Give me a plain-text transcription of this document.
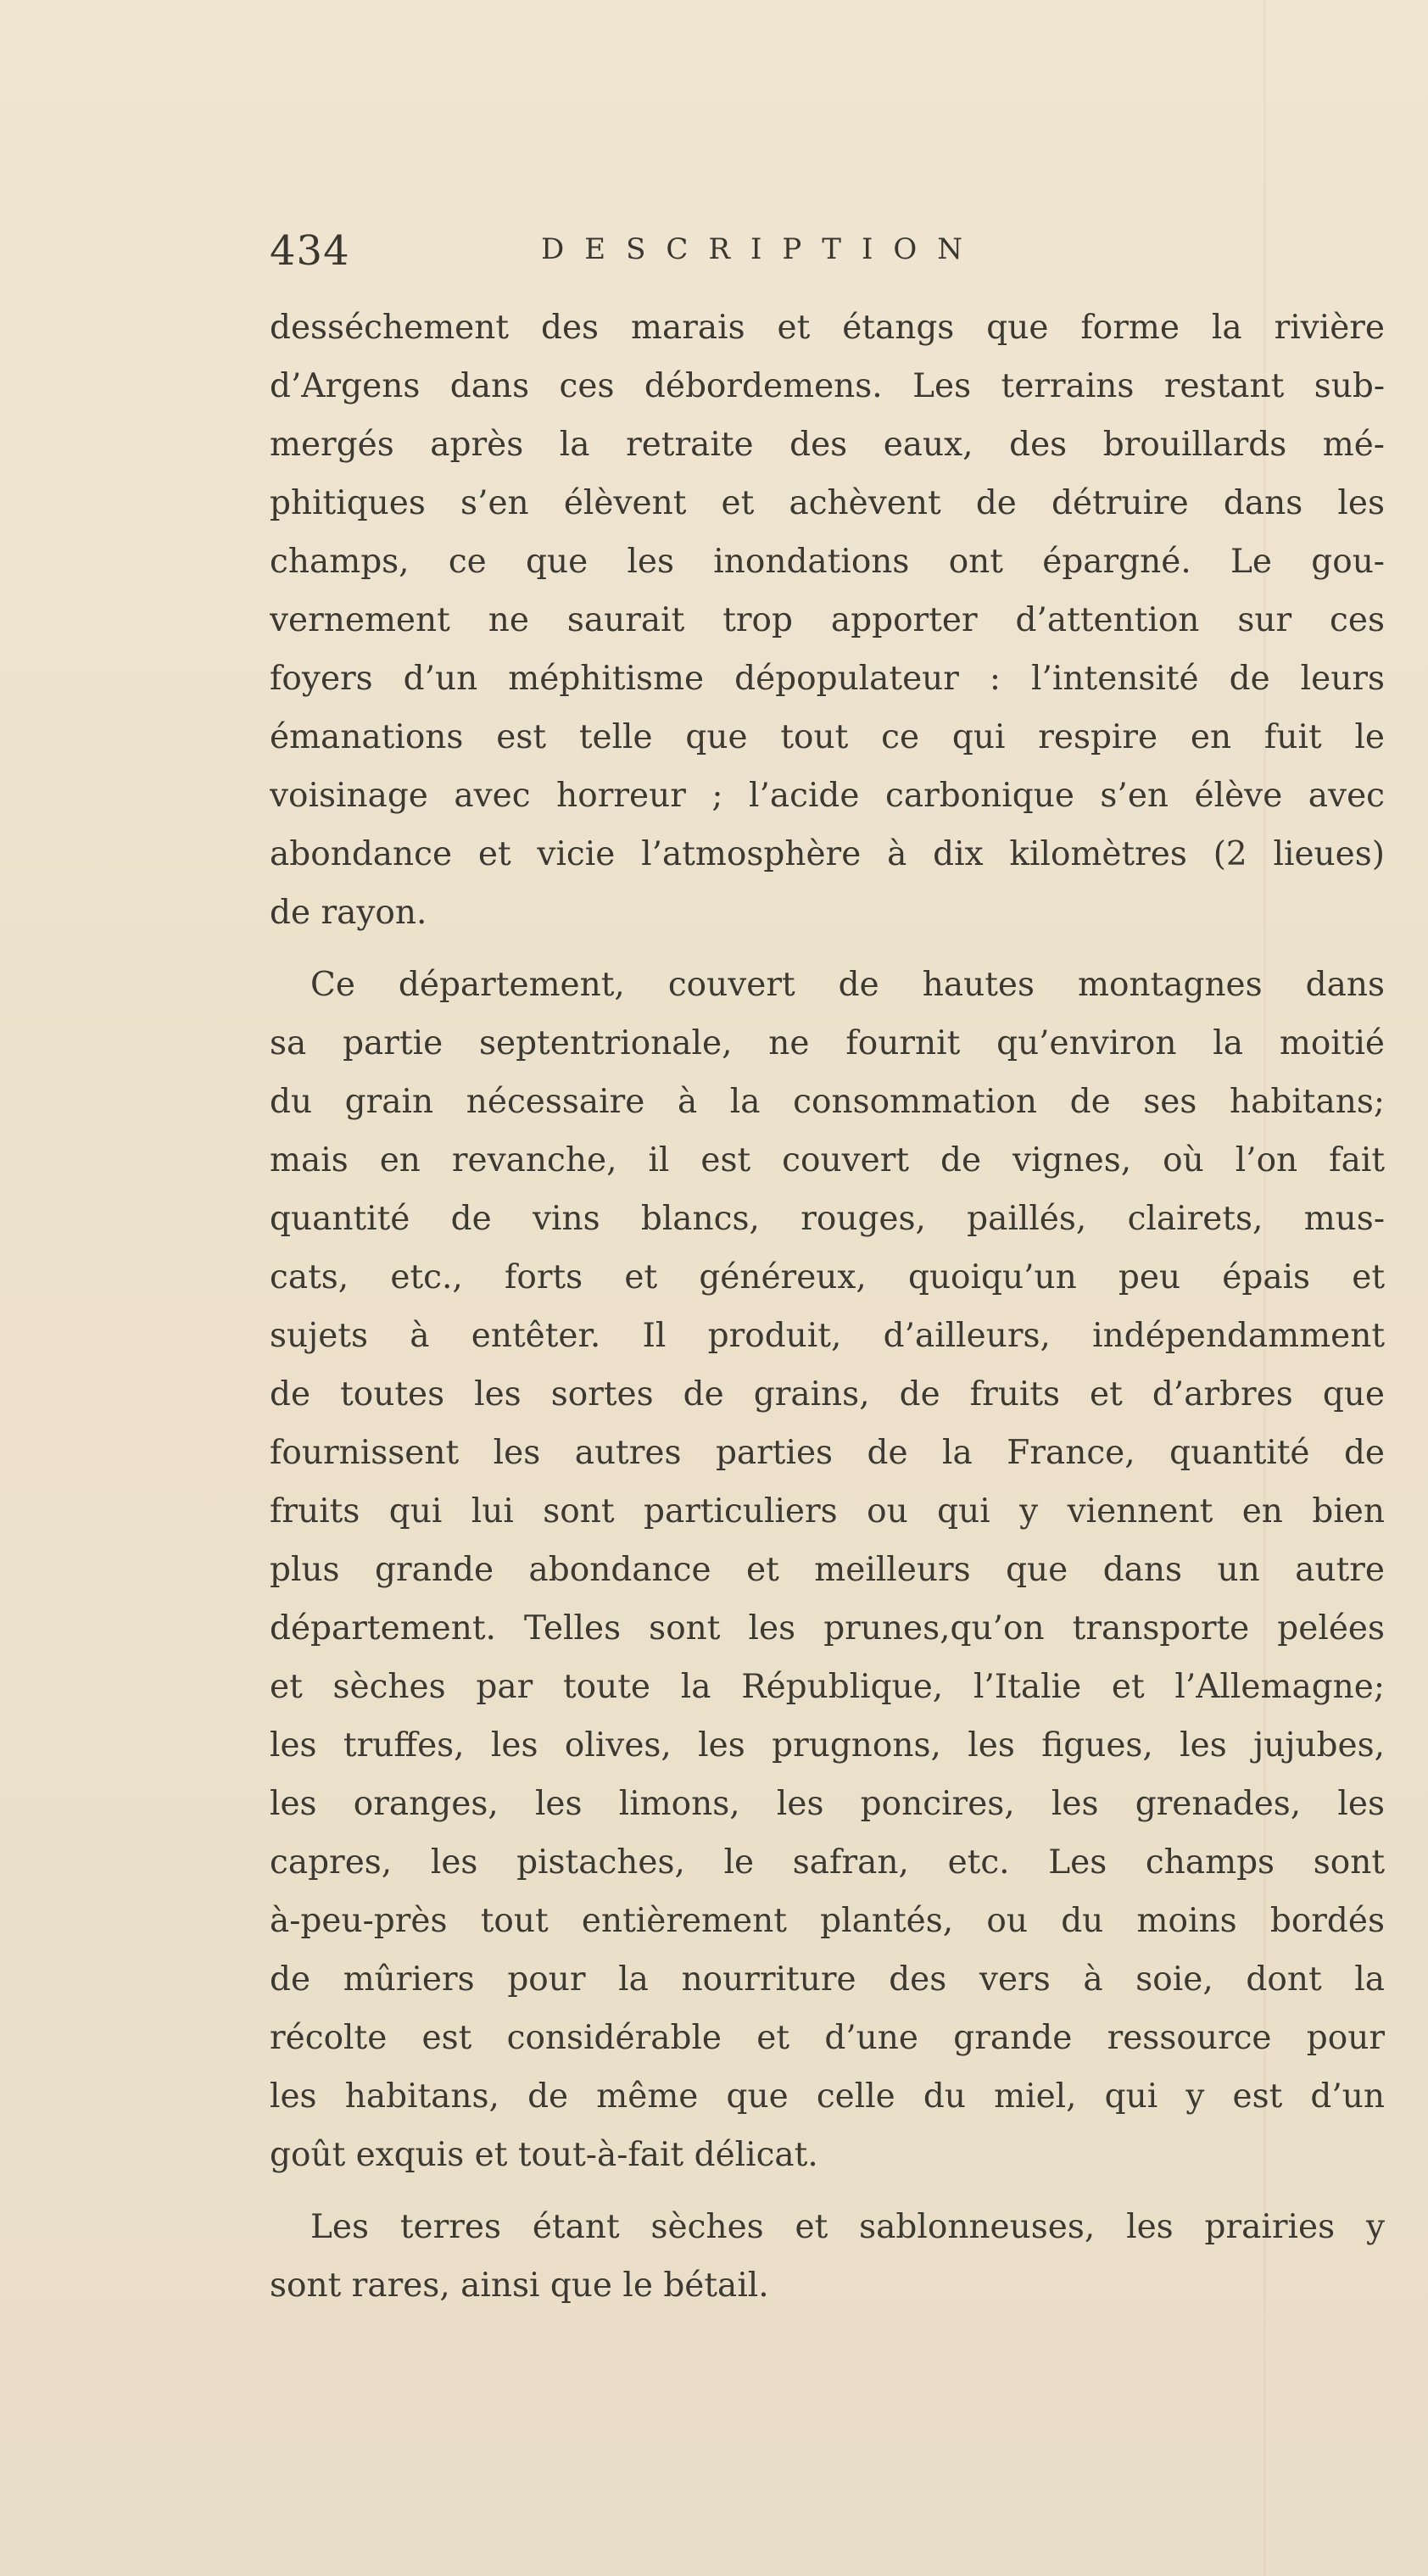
434	DESCRIPTION
desséchement des marais et étangs que forme la rivière
d’Argens dans ces débordemens. Les terrains restant sub-
mergés après la retraite des eaux, des brouillards mé-
phitiques s’en élèvent et achèvent de détruire dans les
champs, ce que les inondations ont épargné. Le gou-
vernement ne saurait trop apporter d’attention sur ces
foyers d’un méphitisme dépopulateur : l’intensité de leurs
émanations est telle que tout ce qui respire en fuit le
voisinage avec horreur ; l’acide carbonique s’en élève avec
abondance et vicie l’atmosphère à dix kilomètres (2 lieues)
de rayon.
Ce département, couvert de hautes montagnes dans
sa partie septentrionale, ne fournit qu’environ la moitié
du grain nécessaire à la consommation de ses habitans;
mais en revanche, il est couvert de vignes, où l’on fait
quantité de vins blancs, rouges, paillés, clairets, mus-
cats, etc., forts et généreux, quoiqu’un peu épais et
sujets à entêter. Il produit, d’ailleurs, indépendamment
de toutes les sortes de grains, de fruits et d’arbres que
fournissent les autres parties de la France, quantité de
fruits qui lui sont particuliers ou qui y viennent en bien
plus grande abondance et meilleurs que dans un autre
département. Telles sont les prunes,qu’on transporte pelées
et sèches par toute la République, l’Italie et l’Allemagne;
les truffes, les olives, les prugnons, les figues, les jujubes,
les oranges, les limons, les poncires, les grenades, les
capres, les pistaches, le safran, etc. Les champs sont
à-peu-près tout entièrement plantés, ou du moins bordés
de mûriers pour la nourriture des vers à soie, dont la
récolte est considérable et d’une grande ressource pour
les habitans, de même que celle du miel, qui y est d’un
goût exquis et tout-à-fait délicat.
Les terres étant sèches et sablonneuses, les prairies y
sont rares, ainsi que le bétail.
